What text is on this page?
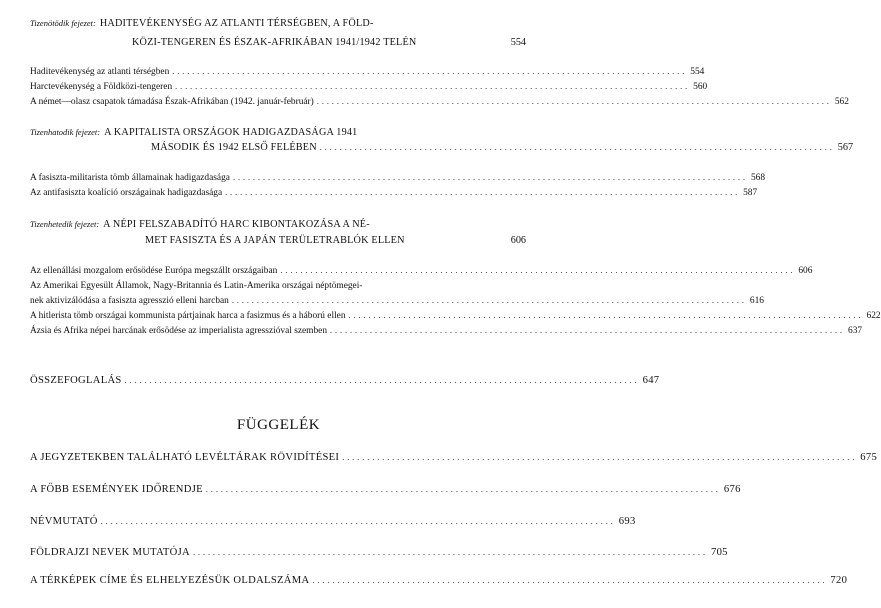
Tizenötödik fejezet: HADITEVÉKENYSÉG AZ ATLANTI TÉRSÉGBEN, A FÖLD-
KÖZI-TENGEREN ÉS ÉSZAK-AFRIKÁBAN 1941/1942 TELÉN	554
Haditevékenység az atlanti térségben ....................................................................................................... 554
Harctevékenység a Földközi-tengeren ....................................................................................................... 560
A német—olasz csapatok támadása Észak-Afrikában (1942. január-február) ....................................................................................................... 562
Tizenhatodik fejezet: A KAPITALISTA ORSZÁGOK HADIGAZDASÁGA 1941
MÁSODIK ÉS 1942 ELSŐ FELÉBEN ....................................................................................................... 567
A fasiszta-militarista tömb államainak hadigazdasága ....................................................................................................... 568
Az antifasiszta koalíció országainak hadigazdasága ....................................................................................................... 587
Tizenhetedik fejezet: A NÉPI FELSZABADÍTÓ HARC KIBONTAKOZÁSA A NÉ-
MET FASISZTA ÉS A JAPÁN TERÜLETRABLÓK ELLEN	606
Az ellenállási mozgalom erősödése Európa megszállt országaiban ....................................................................................................... 606
Az Amerikai Egyesült Államok, Nagy-Britannia és Latin-Amerika országai néptömegei-
nek aktivizálódása a fasiszta agresszió elleni harcban ....................................................................................................... 616
A hitlerista tömb országai kommunista pártjainak harca a fasizmus és a háború ellen ....................................................................................................... 622
Ázsia és Afrika népei harcának erősödése az imperialista agresszióval szemben ....................................................................................................... 637
ÖSSZEFOGLALÁS ....................................................................................................... 647
FÜGGELÉK
A JEGYZETEKBEN TALÁLHATÓ LEVÉLTÁRAK RÖVIDÍTÉSEI ....................................................................................................... 675
A FŐBB ESEMÉNYEK IDŐRENDJE ....................................................................................................... 676
NÉVMUTATÓ ....................................................................................................... 693
FÖLDRAJZI NEVEK MUTATÓJA ....................................................................................................... 705
A TÉRKÉPEK CÍME ÉS ELHELYEZÉSÜK OLDALSZÁMA ....................................................................................................... 720
